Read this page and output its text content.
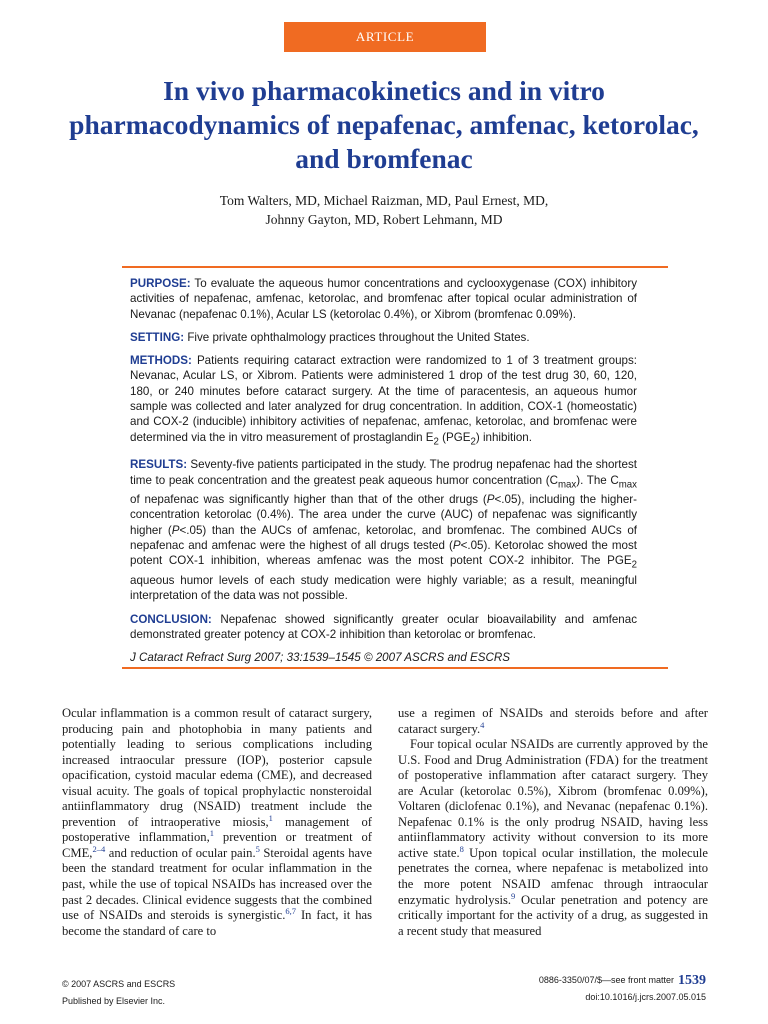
ARTICLE
In vivo pharmacokinetics and in vitro pharmacodynamics of nepafenac, amfenac, ketorolac, and bromfenac
Tom Walters, MD, Michael Raizman, MD, Paul Ernest, MD,
Johnny Gayton, MD, Robert Lehmann, MD

PURPOSE: To evaluate the aqueous humor concentrations and cyclooxygenase (COX) inhibitory activities of nepafenac, amfenac, ketorolac, and bromfenac after topical ocular administration of Nevanac (nepafenac 0.1%), Acular LS (ketorolac 0.4%), or Xibrom (bromfenac 0.09%).

SETTING: Five private ophthalmology practices throughout the United States.

METHODS: Patients requiring cataract extraction were randomized to 1 of 3 treatment groups: Nevanac, Acular LS, or Xibrom. Patients were administered 1 drop of the test drug 30, 60, 120, 180, or 240 minutes before cataract surgery. At the time of paracentesis, an aqueous humor sample was collected and later analyzed for drug concentration. In addition, COX-1 (homeostatic) and COX-2 (inducible) inhibitory activities of nepafenac, amfenac, ketorolac, and bromfenac were determined via the in vitro measurement of prostaglandin $E_2$ $(PGE_2)$ inhibition.

RESULTS: Seventy-five patients participated in the study. The prodrug nepafenac had the shortest time to peak concentration and the greatest peak aqueous humor concentration $(C_{max})$. The $C_{max}$ of nepafenac was significantly higher than that of the other drugs (P<.05), including the higher-concentration ketorolac (0.4%). The area under the curve (AUC) of nepafenac was significantly higher (P<.05) than the AUCs of amfenac, ketorolac, and bromfenac. The combined AUCs of nepafenac and amfenac were the highest of all drugs tested (P<.05). Ketorolac showed the most potent COX-1 inhibition, whereas amfenac was the most potent COX-2 inhibitor. The $PGE_2$ aqueous humor levels of each study medication were highly variable; as a result, meaningful interpretation of the data was not possible.

CONCLUSION: Nepafenac showed significantly greater ocular bioavailability and amfenac demonstrated greater potency at COX-2 inhibition than ketorolac or bromfenac.

J Cataract Refract Surg 2007; 33:1539–1545 © 2007 ASCRS and ESCRS

Ocular inflammation is a common result of cataract surgery, producing pain and photophobia in many patients and potentially leading to serious complications including increased intraocular pressure (IOP), posterior capsule opacification, cystoid macular edema (CME), and decreased visual acuity. The goals of topical prophylactic nonsteroidal antiinflammatory drug (NSAID) treatment include the prevention of intraoperative miosis,$^1$ management of postoperative inflammation,$^1$ prevention or treatment of CME,$^{2-4}$ and reduction of ocular pain.$^5$ Steroidal agents have been the standard treatment for ocular inflammation in the past, while the use of topical NSAIDs has increased over the past 2 decades. Clinical evidence suggests that the combined use of NSAIDs and steroids is synergistic.$^{6,7}$ In fact, it has become the standard of care to

use a regimen of NSAIDs and steroids before and after cataract surgery.$^4$

Four topical ocular NSAIDs are currently approved by the U.S. Food and Drug Administration (FDA) for the treatment of postoperative inflammation after cataract surgery. They are Acular (ketorolac 0.5%), Xibrom (bromfenac 0.09%), Voltaren (diclofenac 0.1%), and Nevanac (nepafenac 0.1%). Nepafenac 0.1% is the only prodrug NSAID, having less antiinflammatory activity without conversion to its more active state.$^8$ Upon topical ocular instillation, the molecule penetrates the cornea, where nepafenac is metabolized into the more potent NSAID amfenac through intraocular enzymatic hydrolysis.$^9$ Ocular penetration and potency are critically important for the activity of a drug, as suggested in a recent study that measured

© 2007 ASCRS and ESCRS
Published by Elsevier Inc.
0886-3350/07/$—see front matter 1539
doi:10.1016/j.jcrs.2007.05.015
